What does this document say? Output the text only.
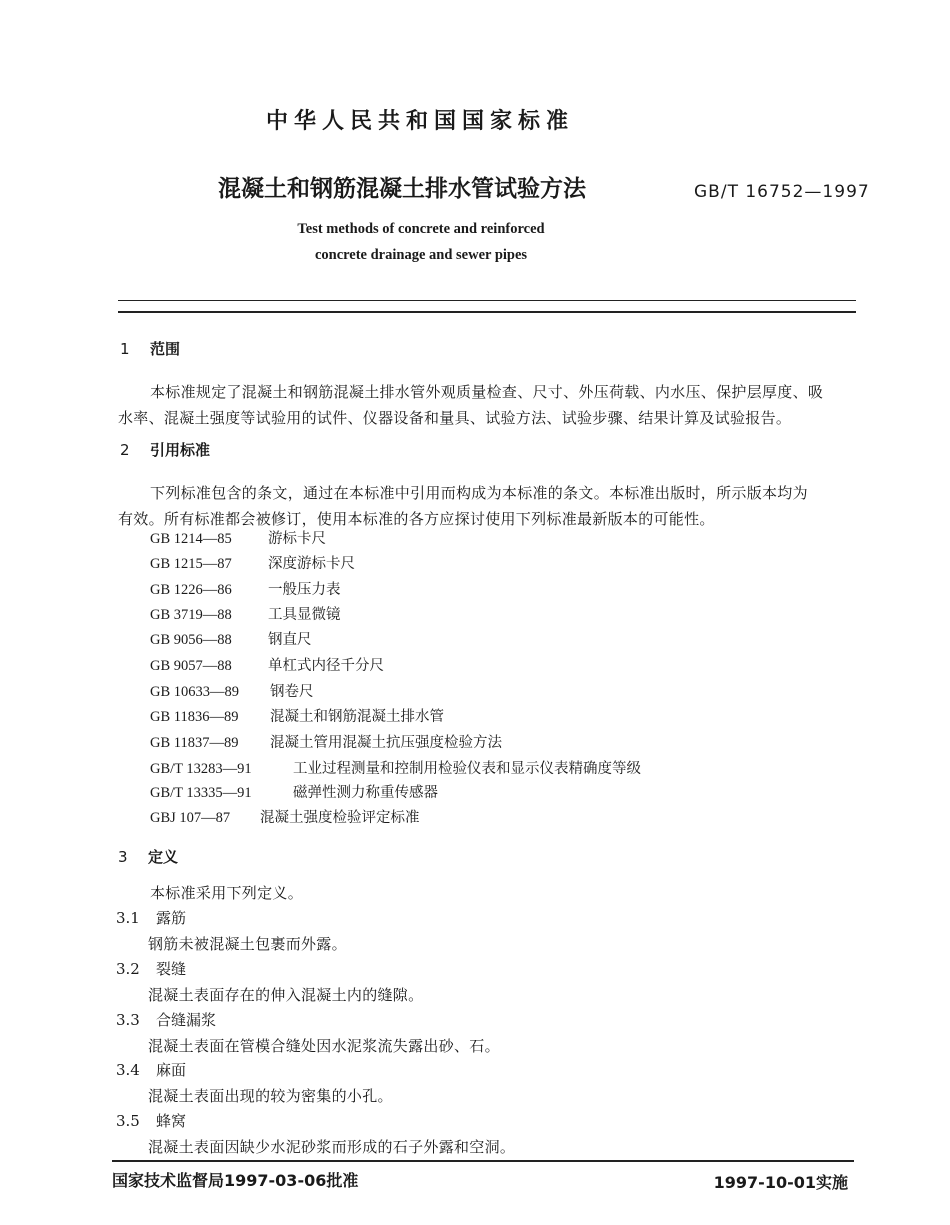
中华人民共和国国家标准
混凝土和钢筋混凝土排水管试验方法	GB/T 16752—1997
Test methods of concrete and reinforced
concrete drainage and sewer pipes
1 范围
本标准规定了混凝土和钢筋混凝土排水管外观质量检查、尺寸、外压荷载、内水压、保护层厚度、吸
水率、混凝土强度等试验用的试件、仪器设备和量具、试验方法、试验步骤、结果计算及试验报告。
2 引用标准
下列标准包含的条文，通过在本标准中引用而构成为本标准的条文。本标准出版时，所示版本均为
有效。所有标准都会被修订，使用本标准的各方应探讨使用下列标准最新版本的可能性。
GB 1214—85 游标卡尺
GB 1215—87 深度游标卡尺
GB 1226—86 一般压力表
GB 3719—88 工具显微镜
GB 9056—88 钢直尺
GB 9057—88 单杠式内径千分尺
GB 10633—89 钢卷尺
GB 11836—89 混凝土和钢筋混凝土排水管
GB 11837—89 混凝土管用混凝土抗压强度检验方法
GB/T 13283—91	工业过程测量和控制用检验仪表和显示仪表精确度等级
GB/T 13335—91	磁弹性测力称重传感器
GBJ 107—87 混凝土强度检验评定标准
3 定义
本标准采用下列定义。
3.1 露筋
钢筋未被混凝土包裹而外露。
3.2 裂缝
混凝土表面存在的伸入混凝土内的缝隙。
3.3 合缝漏浆
混凝土表面在管模合缝处因水泥浆流失露出砂、石。
3.4 麻面
混凝土表面出现的较为密集的小孔。
3.5 蜂窝
混凝土表面因缺少水泥砂浆而形成的石子外露和空洞。
国家技术监督局1997-03-06批准	1997-10-01实施
